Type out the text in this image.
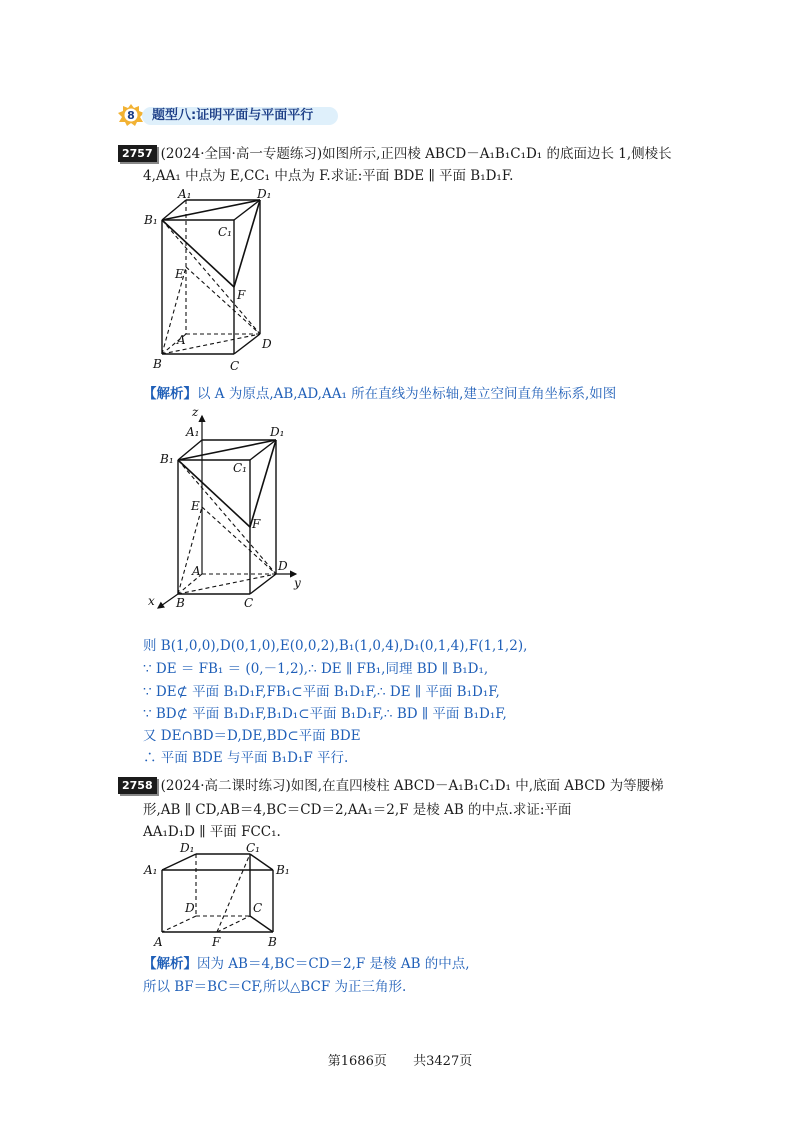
8 题型八:证明平面与平面平行
2757 (2024·全国·高一专题练习)如图所示,正四棱 ABCD－A₁B₁C₁D₁ 的底面边长 1,侧棱长
4,AA₁ 中点为 E,CC₁ 中点为 F.求证:平面 BDE ∥ 平面 B₁D₁F.
A₁	D₁
B₁
C₁
E
F
A	D
B	C
【解析】以 A 为原点,AB,AD,AA₁ 所在直线为坐标轴,建立空间直角坐标系,如图
z
x
y
A₁	D₁
B₁
C₁
E
F
A	D
B	C
则 B(1,0,0),D(0,1,0),E(0,0,2),B₁(1,0,4),D₁(0,1,4),F(1,1,2),
∵ DE ＝ FB₁ ＝ (0,－1,2),∴ DE ∥ FB₁,同理 BD ∥ B₁D₁,
∵ DE⊄ 平面 B₁D₁F,FB₁⊂平面 B₁D₁F,∴ DE ∥ 平面 B₁D₁F,
∵ BD⊄ 平面 B₁D₁F,B₁D₁⊂平面 B₁D₁F,∴ BD ∥ 平面 B₁D₁F,
又 DE∩BD＝D,DE,BD⊂平面 BDE
∴ 平面 BDE 与平面 B₁D₁F 平行.
2758 (2024·高二课时练习)如图,在直四棱柱 ABCD－A₁B₁C₁D₁ 中,底面 ABCD 为等腰梯
形,AB ∥ CD,AB＝4,BC＝CD＝2,AA₁＝2,F 是棱 AB 的中点.求证:平面
AA₁D₁D ∥ 平面 FCC₁.
D₁	C₁
A₁	B₁
D	C
A	F	B
【解析】因为 AB＝4,BC＝CD＝2,F 是棱 AB 的中点,
所以 BF＝BC＝CF,所以△BCF 为正三角形.
第1686页 共3427页
